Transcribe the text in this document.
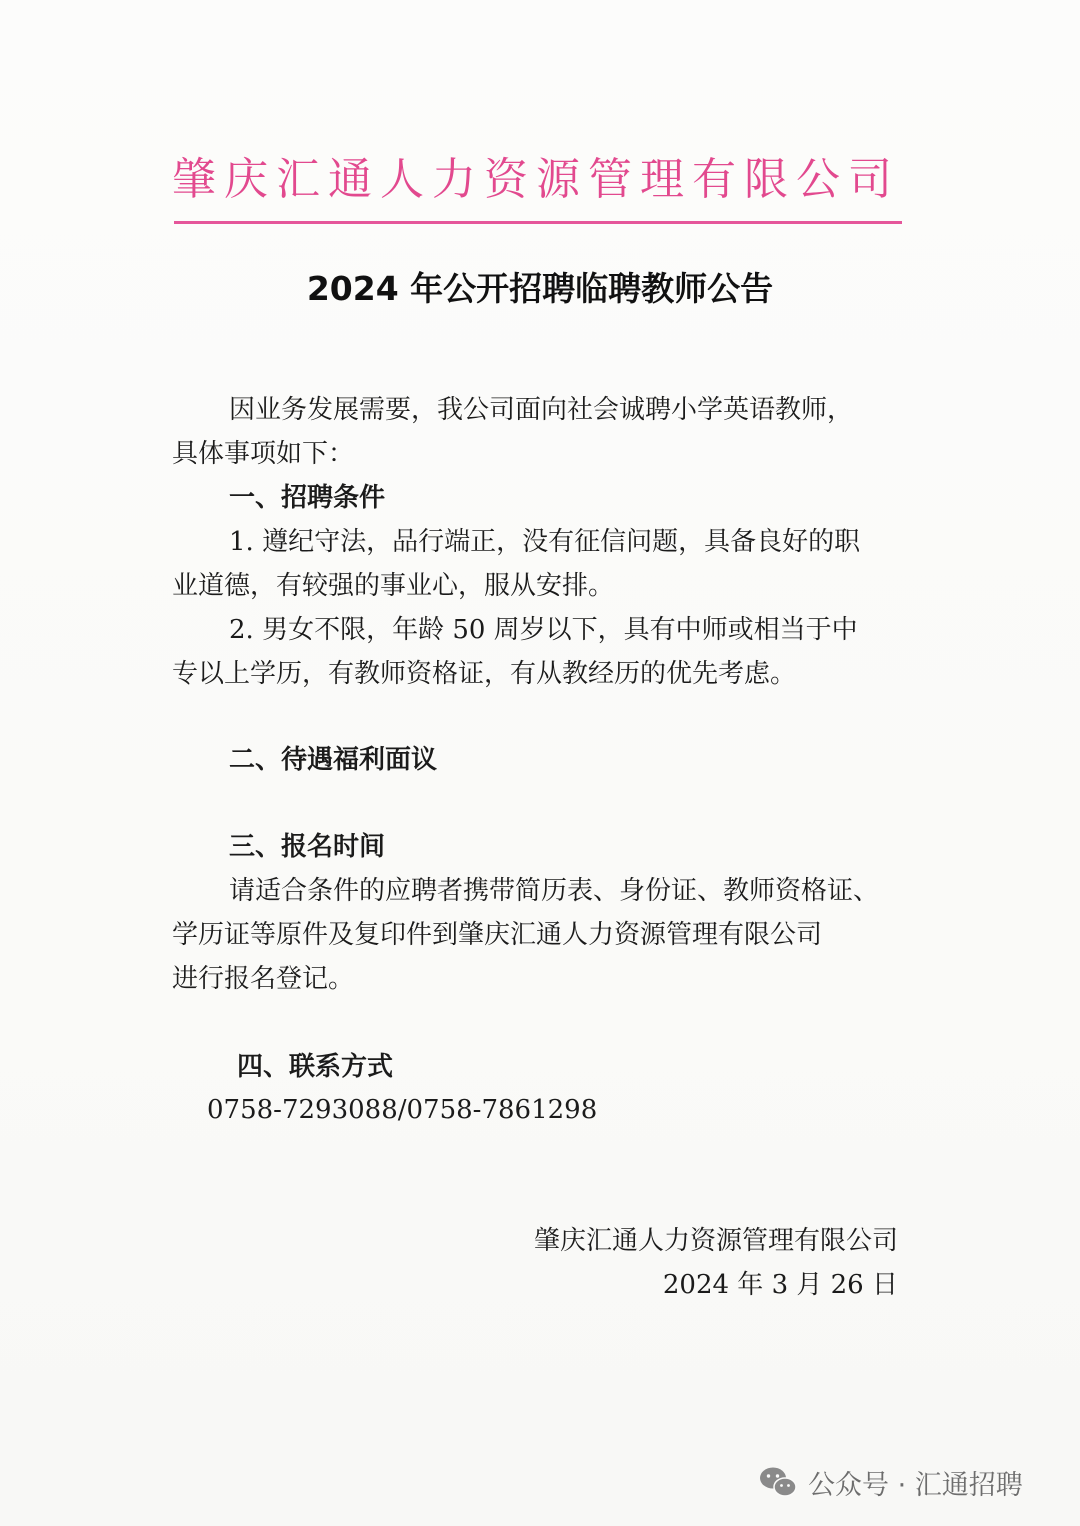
肇庆汇通人力资源管理有限公司
2024 年公开招聘临聘教师公告
因业务发展需要，我公司面向社会诚聘小学英语教师，
具体事项如下：
一、招聘条件
1. 遵纪守法，品行端正，没有征信问题，具备良好的职
业道德，有较强的事业心，服从安排。
2. 男女不限，年龄 50 周岁以下，具有中师或相当于中
专以上学历，有教师资格证，有从教经历的优先考虑。
二、待遇福利面议
三、报名时间
请适合条件的应聘者携带简历表、身份证、教师资格证、
学历证等原件及复印件到肇庆汇通人力资源管理有限公司
进行报名登记。
四、联系方式
0758-7293088/0758-7861298
肇庆汇通人力资源管理有限公司
2024 年 3 月 26 日
公众号 · 汇通招聘
